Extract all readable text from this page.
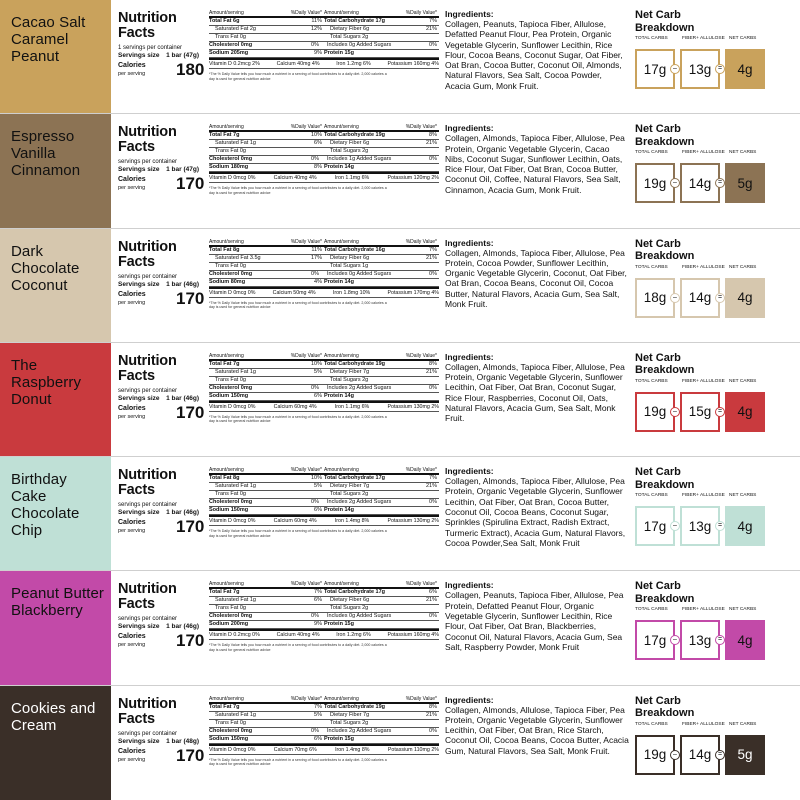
Cacao Salt Caramel Peanut
Nutrition
Facts
1 servings per container
Servings size 1 bar (47g)
Calories
per serving 180
Amount/serving	%Daily Value* Amount/serving	%Daily Value*
Total Fat 6g	11% Total Carbohydrate 17g	7%
Saturated Fat 2g	12% Dietary Fiber 6g	21%
Trans Fat 0g	Total Sugars 2g
Cholesterol 0mg	0% Includes 0g Added Sugars	0%
Sodium 205mg	9% Protein 15g
Vitamin D 0.2mcg 2%	Calcium 40mg 4%	Iron 1.2mg 6%	Potassium 160mg 4%
*The % Daily Value tells you how much a nutrient in a serving of food contributes to a daily diet. 2,000 calories a day is used for general nutrition advice
Ingredients:
Collagen, Peanuts, Tapioca Fiber, Allulose, Defatted Peanut Flour, Pea Protein, Organic Vegetable Glycerin, Sunflower Lecithin, Rice Flour, Cocoa Beans, Coconut Sugar, Oat Fiber, Oat Bran, Cocoa Butter, Coconut Oil, Almonds, Natural Flavors, Sea Salt, Cocoa Powder, Acacia Gum, Monk Fruit.
Net Carb
Breakdown
TOTAL CARBS	FIBER+ ALLULOSE NET CARBS
17g – 13g =	4g
Espresso Vanilla Cinnamon
Nutrition
Facts
servings per container
Servings size 1 bar (47g)
Calories
per serving 170
Amount/serving	%Daily Value* Amount/serving	%Daily Value*
Total Fat 7g	10% Total Carbohydrate 19g	8%
Saturated Fat 1g	6% Dietary Fiber 6g	21%
Trans Fat 0g	Total Sugars 2g
Cholesterol 0mg	0% Includes 1g Added Sugars	0%
Sodium 180mg	8% Protein 14g
Vitamin D 0mcg 0%	Calcium 40mg 4%	Iron 1.1mg 6%	Potassium 120mg 2%
*The % Daily Value tells you how much a nutrient in a serving of food contributes to a daily diet. 2,000 calories a day is used for general nutrition advice
Ingredients:
Collagen, Almonds, Tapioca Fiber, Allulose, Pea Protein, Organic Vegetable Glycerin, Cacao Nibs, Coconut Sugar, Sunflower Lecithin, Oats, Rice Flour, Oat Fiber, Oat Bran, Cocoa Butter, Coconut Oil, Coffee, Natural Flavors, Sea Salt, Cinnamon, Acacia Gum, Monk Fruit.
Net Carb
Breakdown
TOTAL CARBS	FIBER+ ALLULOSE NET CARBS
19g – 14g =	5g
Dark Chocolate Coconut
Nutrition
Facts
servings per container
Servings size 1 bar (46g)
Calories
per serving 170
Amount/serving	%Daily Value* Amount/serving	%Daily Value*
Total Fat 8g	11% Total Carbohydrate 16g	7%
Saturated Fat 3.5g	17% Dietary Fiber 6g	21%
Trans Fat 0g	Total Sugars 1g
Cholesterol 0mg	0% Includes 0g Added Sugars	0%
Sodium 80mg	4% Protein 14g
Vitamin D 0mcg 0%	Calcium 50mg 4%	Iron 1.8mg 10%	Potassium 170mg 4%
*The % Daily Value tells you how much a nutrient in a serving of food contributes to a daily diet. 2,000 calories a day is used for general nutrition advice
Ingredients:
Collagen, Almonds, Tapioca Fiber, Allulose, Pea Protein, Cocoa Powder, Sunflower Lecithin, Organic Vegetable Glycerin, Coconut, Oat Fiber, Oat Bran, Cocoa Beans, Coconut Oil, Cocoa Butter, Natural Flavors, Acacia Gum, Sea Salt, Monk Fruit.
Net Carb
Breakdown
TOTAL CARBS	FIBER+ ALLULOSE NET CARBS
18g – 14g =	4g
The Raspberry Donut
Nutrition
Facts
servings per container
Servings size 1 bar (46g)
Calories
per serving 170
Amount/serving	%Daily Value* Amount/serving	%Daily Value*
Total Fat 7g	10% Total Carbohydrate 19g	8%
Saturated Fat 1g	5% Dietary Fiber 7g	21%
Trans Fat 0g	Total Sugars 2g
Cholesterol 0mg	0% Includes 2g Added Sugars	0%
Sodium 150mg	6% Protein 14g
Vitamin D 0mcg 0%	Calcium 60mg 4%	Iron 1.1mg 6%	Potassium 130mg 2%
*The % Daily Value tells you how much a nutrient in a serving of food contributes to a daily diet. 2,000 calories a day is used for general nutrition advice
Ingredients:
Collagen, Almonds, Tapioca Fiber, Allulose, Pea Protein, Organic Vegetable Glycerin, Sunflower Lecithin, Oat Fiber, Oat Bran, Coconut Sugar, Rice Flour, Raspberries, Coconut Oil, Oats, Natural Flavors, Acacia Gum, Sea Salt, Monk Fruit.
Net Carb
Breakdown
TOTAL CARBS	FIBER+ ALLULOSE NET CARBS
19g – 15g =	4g
Birthday Cake Chocolate Chip
Nutrition
Facts
servings per container
Servings size 1 bar (46g)
Calories
per serving 170
Amount/serving	%Daily Value* Amount/serving	%Daily Value*
Total Fat 8g	10% Total Carbohydrate 17g	7%
Saturated Fat 1g	5% Dietary Fiber 7g	21%
Trans Fat 0g	Total Sugars 2g
Cholesterol 0mg	0% Includes 2g Added Sugars	0%
Sodium 150mg	6% Protein 14g
Vitamin D 0mcg 0%	Calcium 60mg 4%	Iron 1.4mg 8%	Potassium 130mg 2%
*The % Daily Value tells you how much a nutrient in a serving of food contributes to a daily diet. 2,000 calories a day is used for general nutrition advice
Ingredients:
Collagen, Almonds, Tapioca Fiber, Allulose, Pea Protein, Organic Vegetable Glycerin, Sunflower Lecithin, Oat Fiber, Oat Bran, Cocoa Butter, Coconut Oil, Cocoa Beans, Coconut Sugar, Sprinkles (Spirulina Extract, Radish Extract, Turmeric Extract), Acacia Gum, Natural Flavors, Cocoa Powder,Sea Salt, Monk Fruit
Net Carb
Breakdown
TOTAL CARBS	FIBER+ ALLULOSE NET CARBS
17g – 13g =	4g
Peanut Butter Blackberry
Nutrition
Facts
servings per container
Servings size 1 bar (46g)
Calories
per serving 170
Amount/serving	%Daily Value* Amount/serving	%Daily Value*
Total Fat 7g	7% Total Carbohydrate 17g	6%
Saturated Fat 1g	6% Dietary Fiber 6g	21%
Trans Fat 0g	Total Sugars 2g
Cholesterol 0mg	0% Includes 0g Added Sugars	0%
Sodium 200mg	9% Protein 15g
Vitamin D 0.2mcg 0%	Calcium 40mg 4%	Iron 1.2mg 6%	Potassium 160mg 4%
*The % Daily Value tells you how much a nutrient in a serving of food contributes to a daily diet. 2,000 calories a day is used for general nutrition advice
Ingredients:
Collagen, Peanuts, Tapioca Fiber, Allulose, Pea Protein, Defatted Peanut Flour, Organic Vegetable Glycerin, Sunflower Lecithin, Rice Flour, Oat Fiber, Oat Bran, Blackberries, Coconut Oil, Natural Flavors, Acacia Gum, Sea Salt, Raspberry Powder, Monk Fruit
Net Carb
Breakdown
TOTAL CARBS	FIBER+ ALLULOSE NET CARBS
17g – 13g =	4g
Cookies and Cream
Nutrition
Facts
servings per container
Servings size 1 bar (48g)
Calories
per serving 170
Amount/serving	%Daily Value* Amount/serving	%Daily Value*
Total Fat 7g	7% Total Carbohydrate 19g	8%
Saturated Fat 1g	5% Dietary Fiber 7g	21%
Trans Fat 0g	Total Sugars 2g
Cholesterol 0mg	0% Includes 2g Added Sugars	0%
Sodium 150mg	6% Protein 15g
Vitamin D 0mcg 0%	Calcium 70mg 6%	Iron 1.4mg 8%	Potassium 110mg 2%
*The % Daily Value tells you how much a nutrient in a serving of food contributes to a daily diet. 2,000 calories a day is used for general nutrition advice
Ingredients:
Collagen, Almonds, Allulose, Tapioca Fiber, Pea Protein, Organic Vegetable Glycerin, Sunflower Lecithin, Oat Fiber, Oat Bran, Rice Starch, Coconut Oil, Cocoa Beans, Cocoa Butter, Acacia Gum, Natural Flavors, Sea Salt, Monk Fruit.
Net Carb
Breakdown
TOTAL CARBS	FIBER+ ALLULOSE NET CARBS
19g – 14g =	5g
